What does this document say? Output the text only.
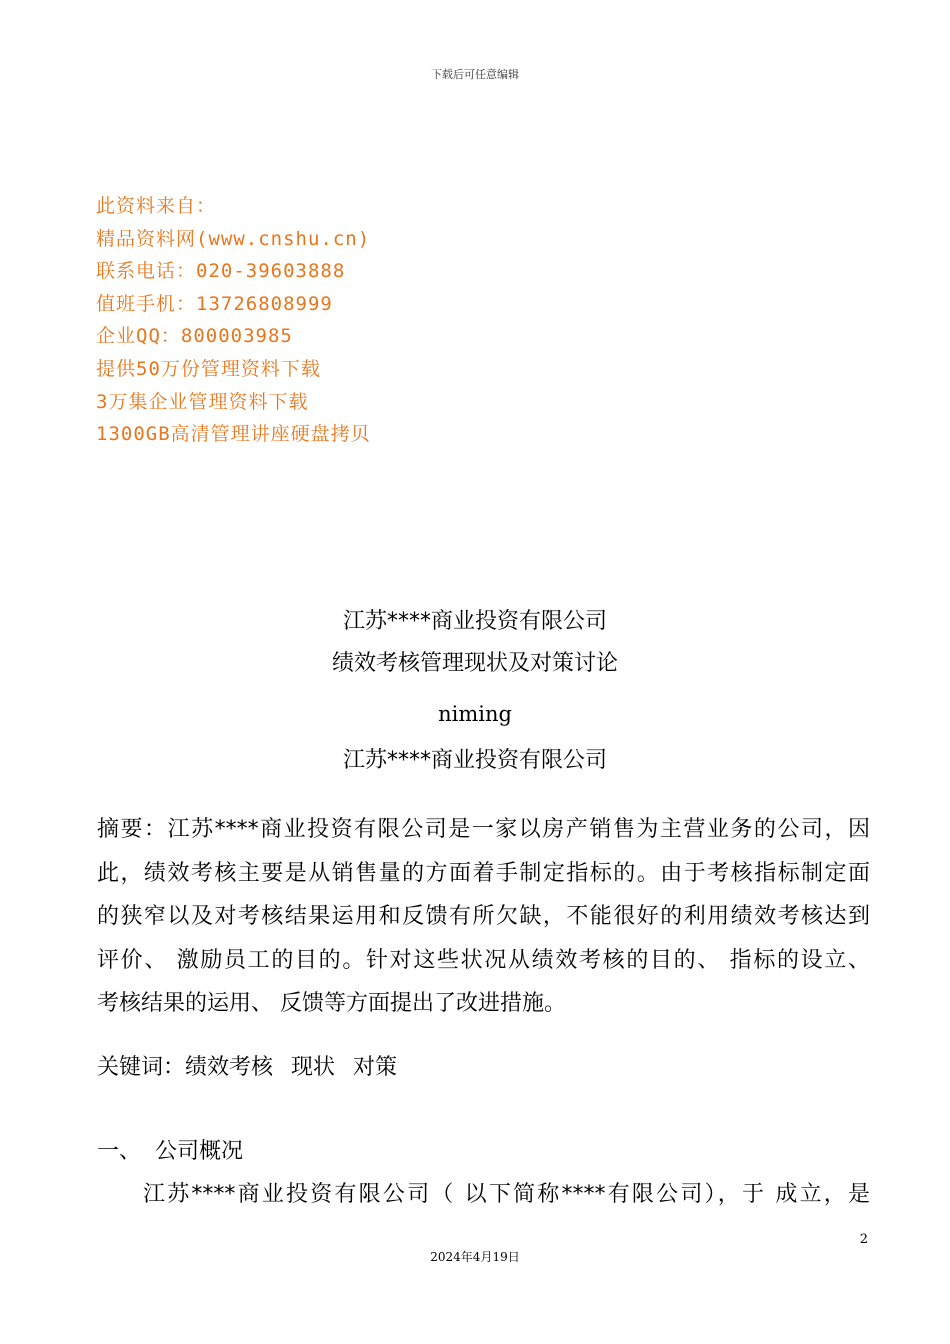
下载后可任意编辑
此资料来自：
精品资料网(www.cnshu.cn)
联系电话：020-39603888
值班手机：13726808999
企业QQ：800003985
提供50万份管理资料下载
3万集企业管理资料下载
1300GB高清管理讲座硬盘拷贝
江苏****商业投资有限公司
绩效考核管理现状及对策讨论
niming
江苏****商业投资有限公司
摘要：江苏****商业投资有限公司是一家以房产销售为主营业务的公司，因
此，绩效考核主要是从销售量的方面着手制定指标的。由于考核指标制定面
的狭窄以及对考核结果运用和反馈有所欠缺，不能很好的利用绩效考核达到
评价、 激励员工的目的。针对这些状况从绩效考核的目的、 指标的设立、
考核结果的运用、 反馈等方面提出了改进措施。
关键词：绩效考核 现状 对策
一、 公司概况
江苏****商业投资有限公司（ 以下简称****有限公司），于 成立，是
2
2024年4月19日
